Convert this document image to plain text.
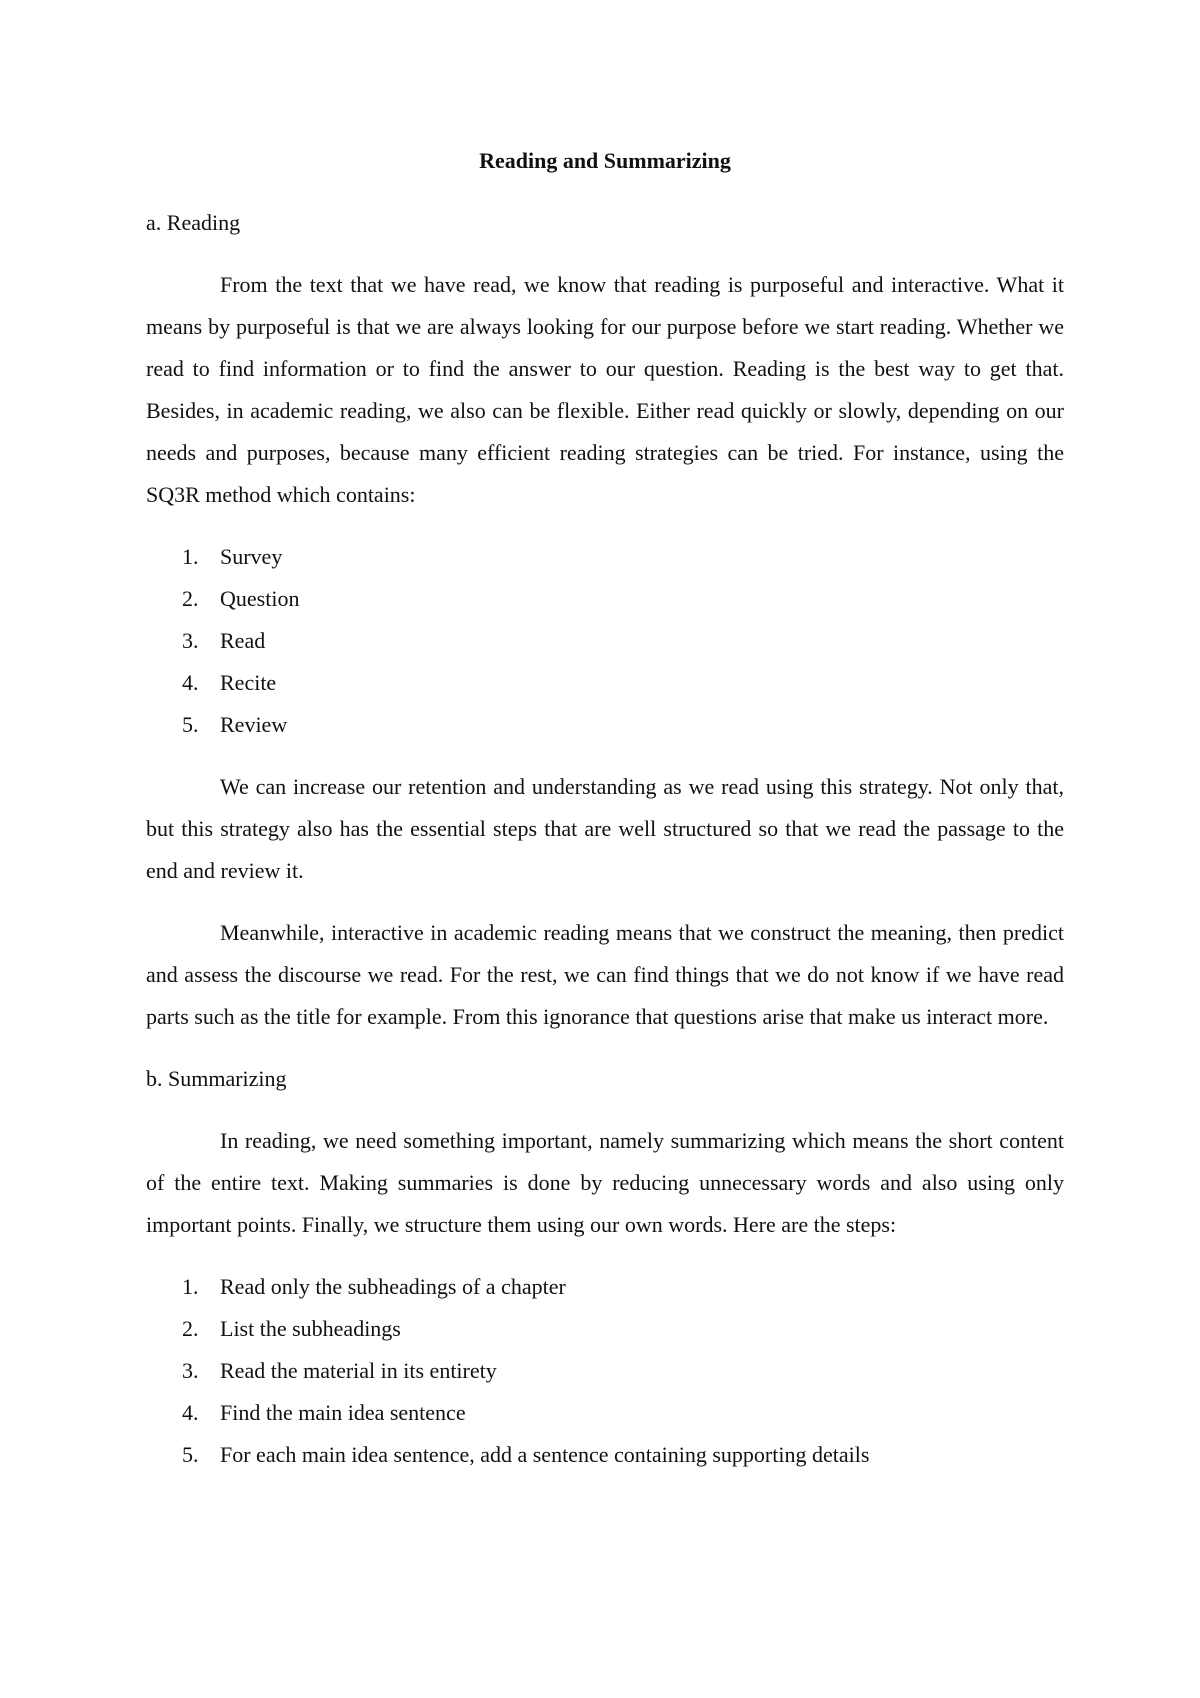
Reading and Summarizing
a. Reading

From the text that we have read, we know that reading is purposeful and interactive. What it means by purposeful is that we are always looking for our purpose before we start reading. Whether we read to find information or to find the answer to our question. Reading is the best way to get that. Besides, in academic reading, we also can be flexible. Either read quickly or slowly, depending on our needs and purposes, because many efficient reading strategies can be tried. For instance, using the SQ3R method which contains:

1. Survey
2. Question
3. Read
4. Recite
5. Review

We can increase our retention and understanding as we read using this strategy. Not only that, but this strategy also has the essential steps that are well structured so that we read the passage to the end and review it.

Meanwhile, interactive in academic reading means that we construct the meaning, then predict and assess the discourse we read. For the rest, we can find things that we do not know if we have read parts such as the title for example. From this ignorance that questions arise that make us interact more.

b. Summarizing

In reading, we need something important, namely summarizing which means the short content of the entire text. Making summaries is done by reducing unnecessary words and also using only important points. Finally, we structure them using our own words. Here are the steps:

1. Read only the subheadings of a chapter
2. List the subheadings
3. Read the material in its entirety
4. Find the main idea sentence
5. For each main idea sentence, add a sentence containing supporting details
